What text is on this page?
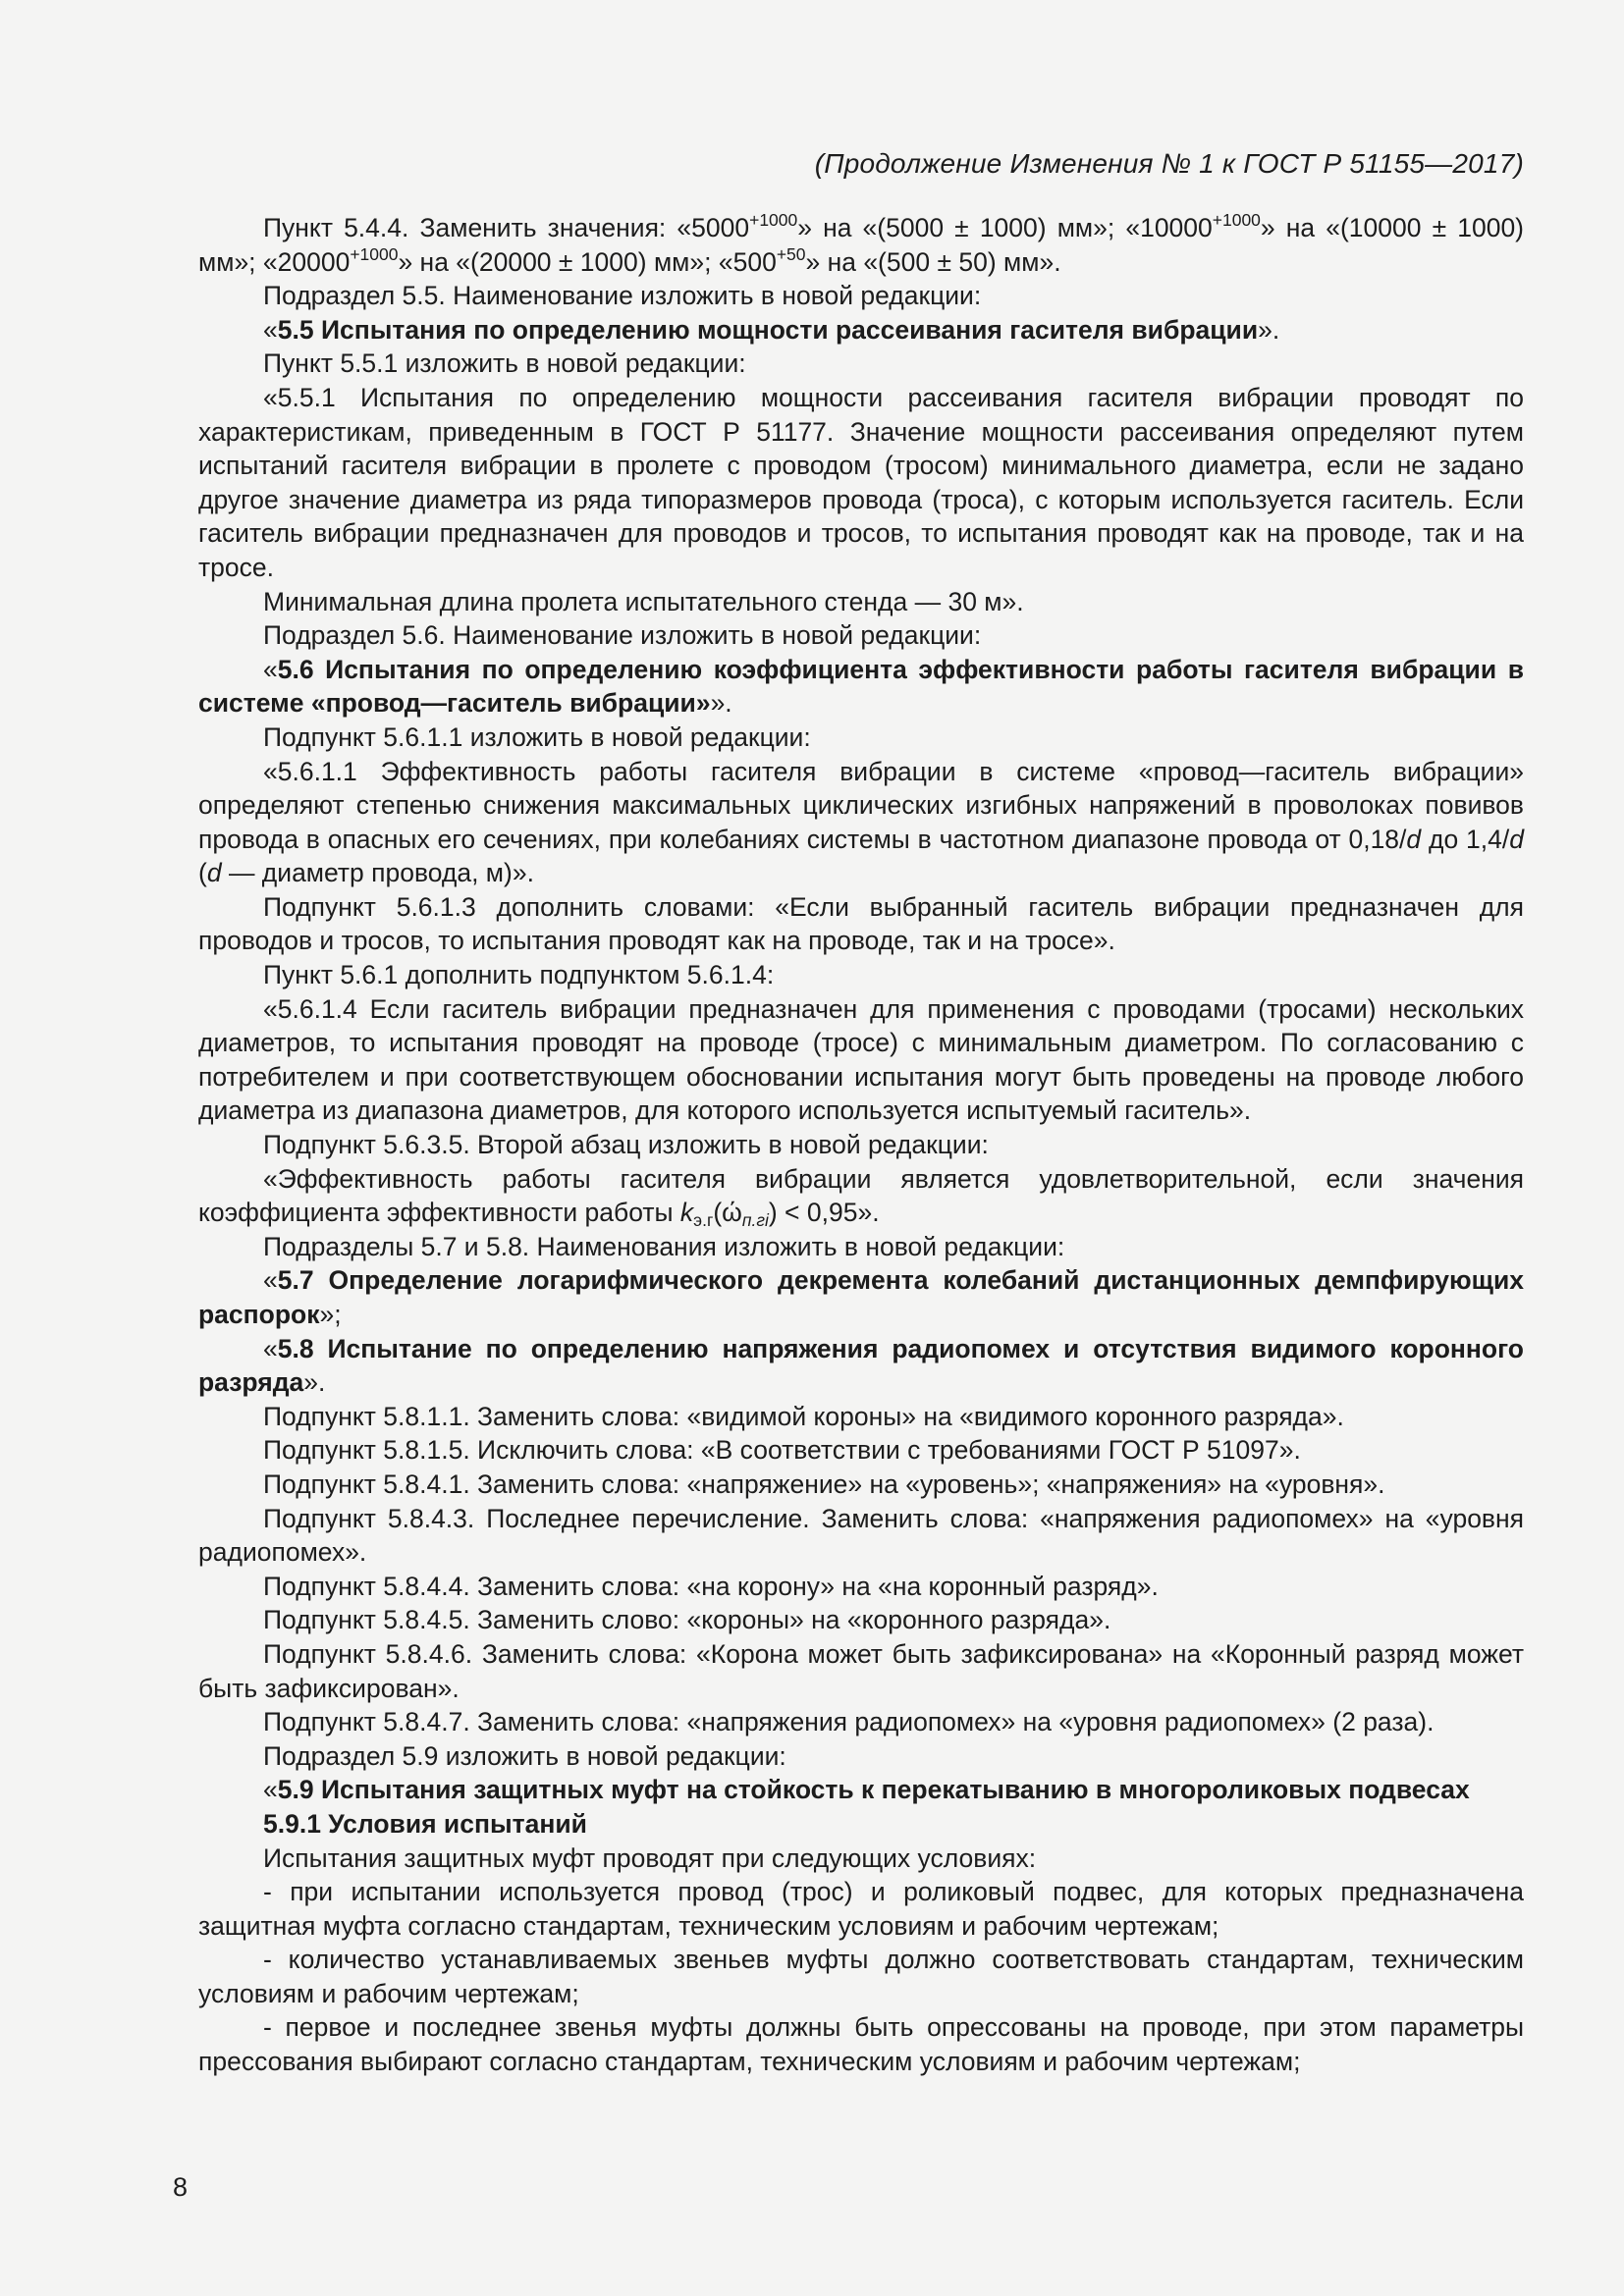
(Продолжение Изменения № 1 к ГОСТ Р 51155—2017)

Пункт 5.4.4. Заменить значения: «$5000^{+1000}$» на «(5000 ± 1000) мм»; «$10000^{+1000}$» на «(10000 ± 1000) мм»; «$20000^{+1000}$» на «(20000 ± 1000) мм»; «$500^{+50}$» на «(500 ± 50) мм».

Подраздел 5.5. Наименование изложить в новой редакции:

«5.5 Испытания по определению мощности рассеивания гасителя вибрации».

Пункт 5.5.1 изложить в новой редакции:

«5.5.1 Испытания по определению мощности рассеивания гасителя вибрации проводят по характеристикам, приведенным в ГОСТ Р 51177. Значение мощности рассеивания определяют путем испытаний гасителя вибрации в пролете с проводом (тросом) минимального диаметра, если не задано другое значение диаметра из ряда типоразмеров провода (троса), с которым используется гаситель. Если гаситель вибрации предназначен для проводов и тросов, то испытания проводят как на проводе, так и на тросе.

Минимальная длина пролета испытательного стенда — 30 м».

Подраздел 5.6. Наименование изложить в новой редакции:

«5.6 Испытания по определению коэффициента эффективности работы гасителя вибрации в системе «провод—гаситель вибрации»».

Подпункт 5.6.1.1 изложить в новой редакции:

«5.6.1.1 Эффективность работы гасителя вибрации в системе «провод—гаситель вибрации» определяют степенью снижения максимальных циклических изгибных напряжений в проволоках повивов провода в опасных его сечениях, при колебаниях системы в частотном диапазоне провода от 0,18/d до 1,4/d (d — диаметр провода, м)».

Подпункт 5.6.1.3 дополнить словами: «Если выбранный гаситель вибрации предназначен для проводов и тросов, то испытания проводят как на проводе, так и на тросе».

Пункт 5.6.1 дополнить подпунктом 5.6.1.4:

«5.6.1.4 Если гаситель вибрации предназначен для применения с проводами (тросами) нескольких диаметров, то испытания проводят на проводе (тросе) с минимальным диаметром. По согласованию с потребителем и при соответствующем обосновании испытания могут быть проведены на проводе любого диаметра из диапазона диаметров, для которого используется испытуемый гаситель».

Подпункт 5.6.3.5. Второй абзац изложить в новой редакции:

«Эффективность работы гасителя вибрации является удовлетворительной, если значения коэффициента эффективности работы $k_{э.г}(ώ_{п.гi}) < 0,95$».

Подразделы 5.7 и 5.8. Наименования изложить в новой редакции:

«5.7 Определение логарифмического декремента колебаний дистанционных демпфирующих распорок»;

«5.8 Испытание по определению напряжения радиопомех и отсутствия видимого коронного разряда».

Подпункт 5.8.1.1. Заменить слова: «видимой короны» на «видимого коронного разряда».

Подпункт 5.8.1.5. Исключить слова: «В соответствии с требованиями ГОСТ Р 51097».

Подпункт 5.8.4.1. Заменить слова: «напряжение» на «уровень»; «напряжения» на «уровня».

Подпункт 5.8.4.3. Последнее перечисление. Заменить слова: «напряжения радиопомех» на «уровня радиопомех».

Подпункт 5.8.4.4. Заменить слова: «на корону» на «на коронный разряд».

Подпункт 5.8.4.5. Заменить слово: «короны» на «коронного разряда».

Подпункт 5.8.4.6. Заменить слова: «Корона может быть зафиксирована» на «Коронный разряд может быть зафиксирован».

Подпункт 5.8.4.7. Заменить слова: «напряжения радиопомех» на «уровня радиопомех» (2 раза).

Подраздел 5.9 изложить в новой редакции:

«5.9 Испытания защитных муфт на стойкость к перекатыванию в многороликовых подвесах

5.9.1 Условия испытаний

Испытания защитных муфт проводят при следующих условиях:

- при испытании используется провод (трос) и роликовый подвес, для которых предназначена защитная муфта согласно стандартам, техническим условиям и рабочим чертежам;

- количество устанавливаемых звеньев муфты должно соответствовать стандартам, техническим условиям и рабочим чертежам;

- первое и последнее звенья муфты должны быть опрессованы на проводе, при этом параметры прессования выбирают согласно стандартам, техническим условиям и рабочим чертежам;

8
